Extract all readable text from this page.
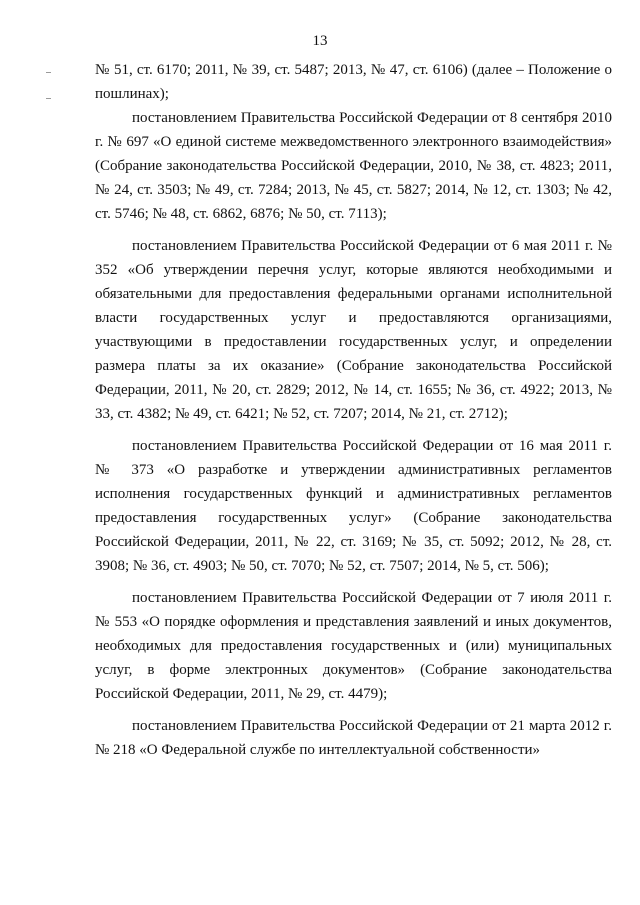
13

№ 51, ст. 6170; 2011, № 39, ст. 5487; 2013, № 47, ст. 6106) (далее – Положение о пошлинах);

постановлением Правительства Российской Федерации от 8 сентября 2010 г. № 697 «О единой системе межведомственного электронного взаимодействия» (Собрание законодательства Российской Федерации, 2010, № 38, ст. 4823; 2011, № 24, ст. 3503; № 49, ст. 7284; 2013, № 45, ст. 5827; 2014, № 12, ст. 1303; № 42, ст. 5746; № 48, ст. 6862, 6876; № 50, ст. 7113);

постановлением Правительства Российской Федерации от 6 мая 2011 г. № 352 «Об утверждении перечня услуг, которые являются необходимыми и обязательными для предоставления федеральными органами исполнительной власти государственных услуг и предоставляются организациями, участвующими в предоставлении государственных услуг, и определении размера платы за их оказание» (Собрание законодательства Российской Федерации, 2011, № 20, ст. 2829; 2012, № 14, ст. 1655; № 36, ст. 4922; 2013, № 33, ст. 4382; № 49, ст. 6421; № 52, ст. 7207; 2014, № 21, ст. 2712);

постановлением Правительства Российской Федерации от 16 мая 2011 г. № 373 «О разработке и утверждении административных регламентов исполнения государственных функций и административных регламентов предоставления государственных услуг» (Собрание законодательства Российской Федерации, 2011, № 22, ст. 3169; № 35, ст. 5092; 2012, № 28, ст. 3908; № 36, ст. 4903; № 50, ст. 7070; № 52, ст. 7507; 2014, № 5, ст. 506);

постановлением Правительства Российской Федерации от 7 июля 2011 г. № 553 «О порядке оформления и представления заявлений и иных документов, необходимых для предоставления государственных и (или) муниципальных услуг, в форме электронных документов» (Собрание законодательства Российской Федерации, 2011, № 29, ст. 4479);

постановлением Правительства Российской Федерации от 21 марта 2012 г. № 218 «О Федеральной службе по интеллектуальной собственности»
